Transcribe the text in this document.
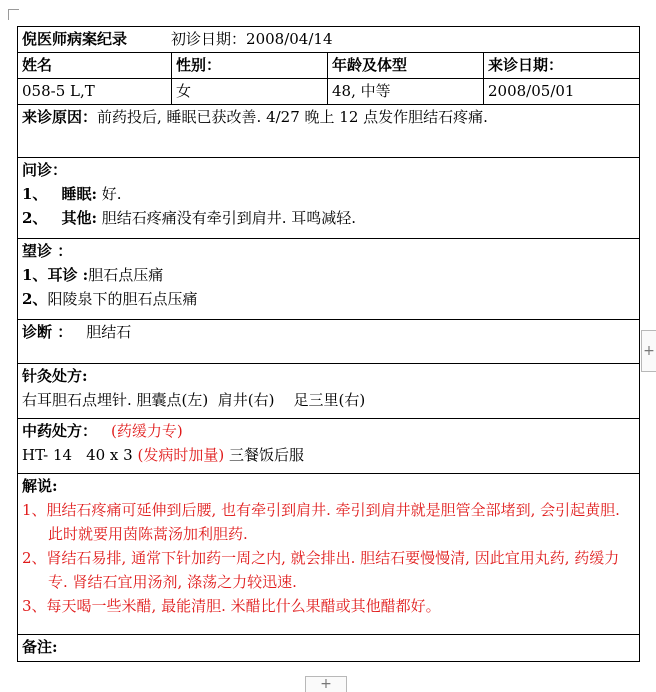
倪医师病案纪录 初诊日期：2008/04/14			
姓名	性别：	年龄及体型	来诊日期：
058-5 L,T	女	48, 中等	2008/05/01
来诊原因：前药投后, 睡眠已获改善. 4/27 晚上 12 点发作胆结石疼痛.			

问诊：
1、 睡眠: 好.
2、 其他: 胆结石疼痛没有牵引到肩井. 耳鸣减轻.			

望诊 ：
1、耳诊 :胆石点压痛
2、阳陵泉下的胆石点压痛			

诊断 ： 胆结石			

针灸处方:
右耳胆石点埋针. 胆囊点(左)  肩井(右)    足三里(右)			

中药处方： (药缓力专)
HT- 14 40 x 3 (发病时加量) 三餐饭后服			

解说:
1、胆结石疼痛可延伸到后腰, 也有牵引到肩井. 牵引到肩井就是胆管全部堵到, 会引起黄胆. 此时就要用茵陈蒿汤加利胆药.
2、肾结石易排, 通常下针加药一周之内, 就会排出. 胆结石要慢慢清, 因此宜用丸药, 药缓力专. 肾结石宜用汤剂, 涤荡之力较迅速.
3、每天喝一些米醋, 最能清胆. 米醋比什么果醋或其他醋都好。			

备注:			
+
+
